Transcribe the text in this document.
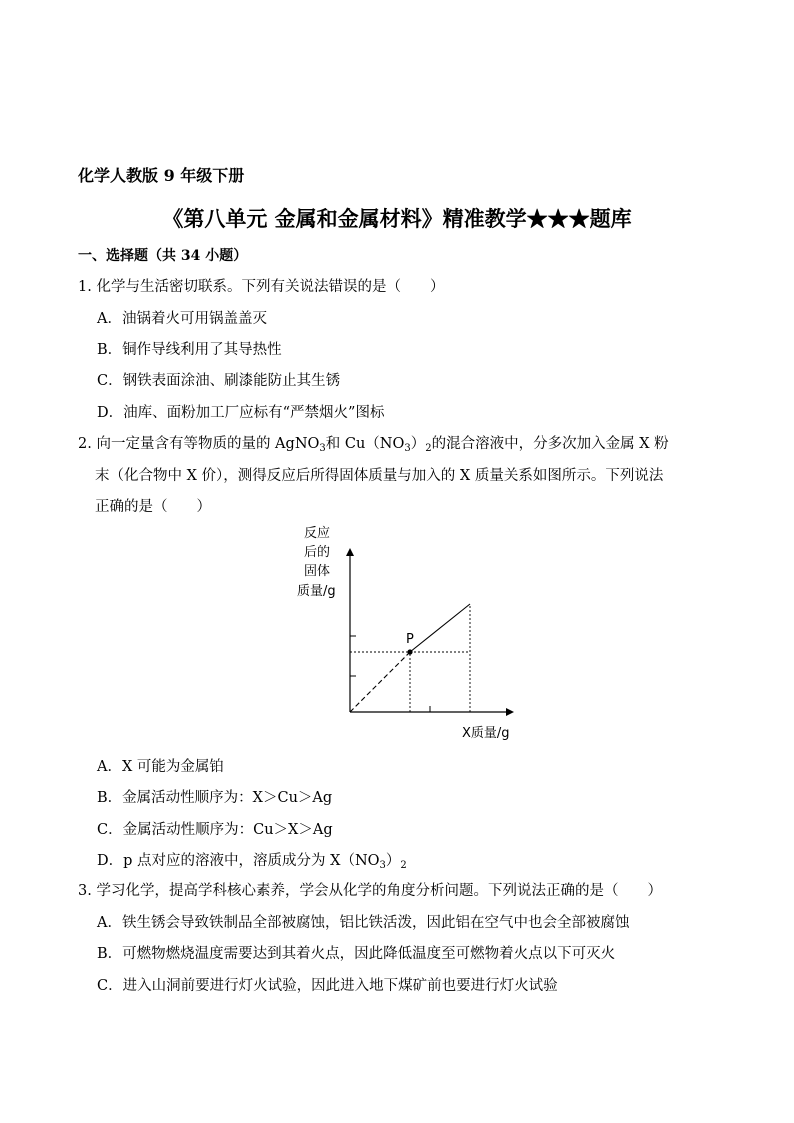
化学人教版 9 年级下册
《第八单元 金属和金属材料》精准教学★★★题库
一、选择题（共 34 小题）
1. 化学与生活密切联系。下列有关说法错误的是（　　）
A．油锅着火可用锅盖盖灭
B．铜作导线利用了其导热性
C．钢铁表面涂油、刷漆能防止其生锈
D．油库、面粉加工厂应标有“严禁烟火”图标
2. 向一定量含有等物质的量的 AgNO$_3$和 $Cu(NO_3)_2$的混合溶液中，分多次加入金属 X 粉
末（化合物中 X 价），测得反应后所得固体质量与加入的 X 质量关系如图所示。下列说法
正确的是（　　）
反应
后的
固体
质量/g
P
X质量/g
A．X 可能为金属铂
B．金属活动性顺序为：X＞Cu＞Ag
C．金属活动性顺序为：Cu＞X＞Ag
D．p 点对应的溶液中，溶质成分为 $X(NO_3)_2$
3. 学习化学，提高学科核心素养，学会从化学的角度分析问题。下列说法正确的是（　　）
A．铁生锈会导致铁制品全部被腐蚀，铝比铁活泼，因此铝在空气中也会全部被腐蚀
B．可燃物燃烧温度需要达到其着火点，因此降低温度至可燃物着火点以下可灭火
C．进入山洞前要进行灯火试验，因此进入地下煤矿前也要进行灯火试验
